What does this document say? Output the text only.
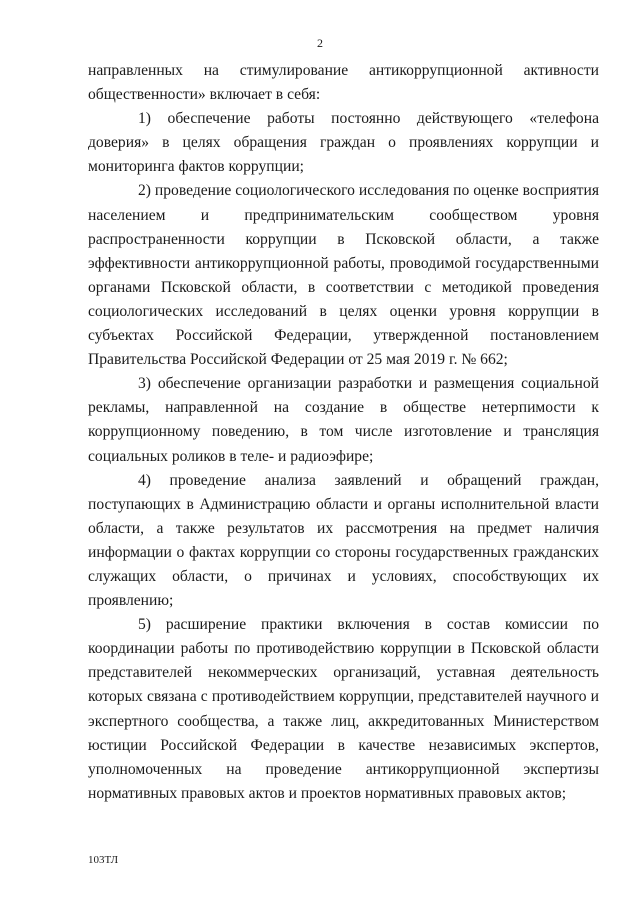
2

направленных на стимулирование антикоррупционной активности общественности» включает в себя:

1) обеспечение работы постоянно действующего «телефона доверия» в целях обращения граждан о проявлениях коррупции и мониторинга фактов коррупции;

2) проведение социологического исследования по оценке восприятия населением и предпринимательским сообществом уровня распространенности коррупции в Псковской области, а также эффективности антикоррупционной работы, проводимой государственными органами Псковской области, в соответствии с методикой проведения социологических исследований в целях оценки уровня коррупции в субъектах Российской Федерации, утвержденной постановлением Правительства Российской Федерации от 25 мая 2019 г. № 662;

3) обеспечение организации разработки и размещения социальной рекламы, направленной на создание в обществе нетерпимости к коррупционному поведению, в том числе изготовление и трансляция социальных роликов в теле- и радиоэфире;

4) проведение анализа заявлений и обращений граждан, поступающих в Администрацию области и органы исполнительной власти области, а также результатов их рассмотрения на предмет наличия информации о фактах коррупции со стороны государственных гражданских служащих области, о причинах и условиях, способствующих их проявлению;

5) расширение практики включения в состав комиссии по координации работы по противодействию коррупции в Псковской области представителей некоммерческих организаций, уставная деятельность которых связана с противодействием коррупции, представителей научного и экспертного сообщества, а также лиц, аккредитованных Министерством юстиции Российской Федерации в качестве независимых экспертов, уполномоченных на проведение антикоррупционной экспертизы нормативных правовых актов и проектов нормативных правовых актов;

103ТЛ
